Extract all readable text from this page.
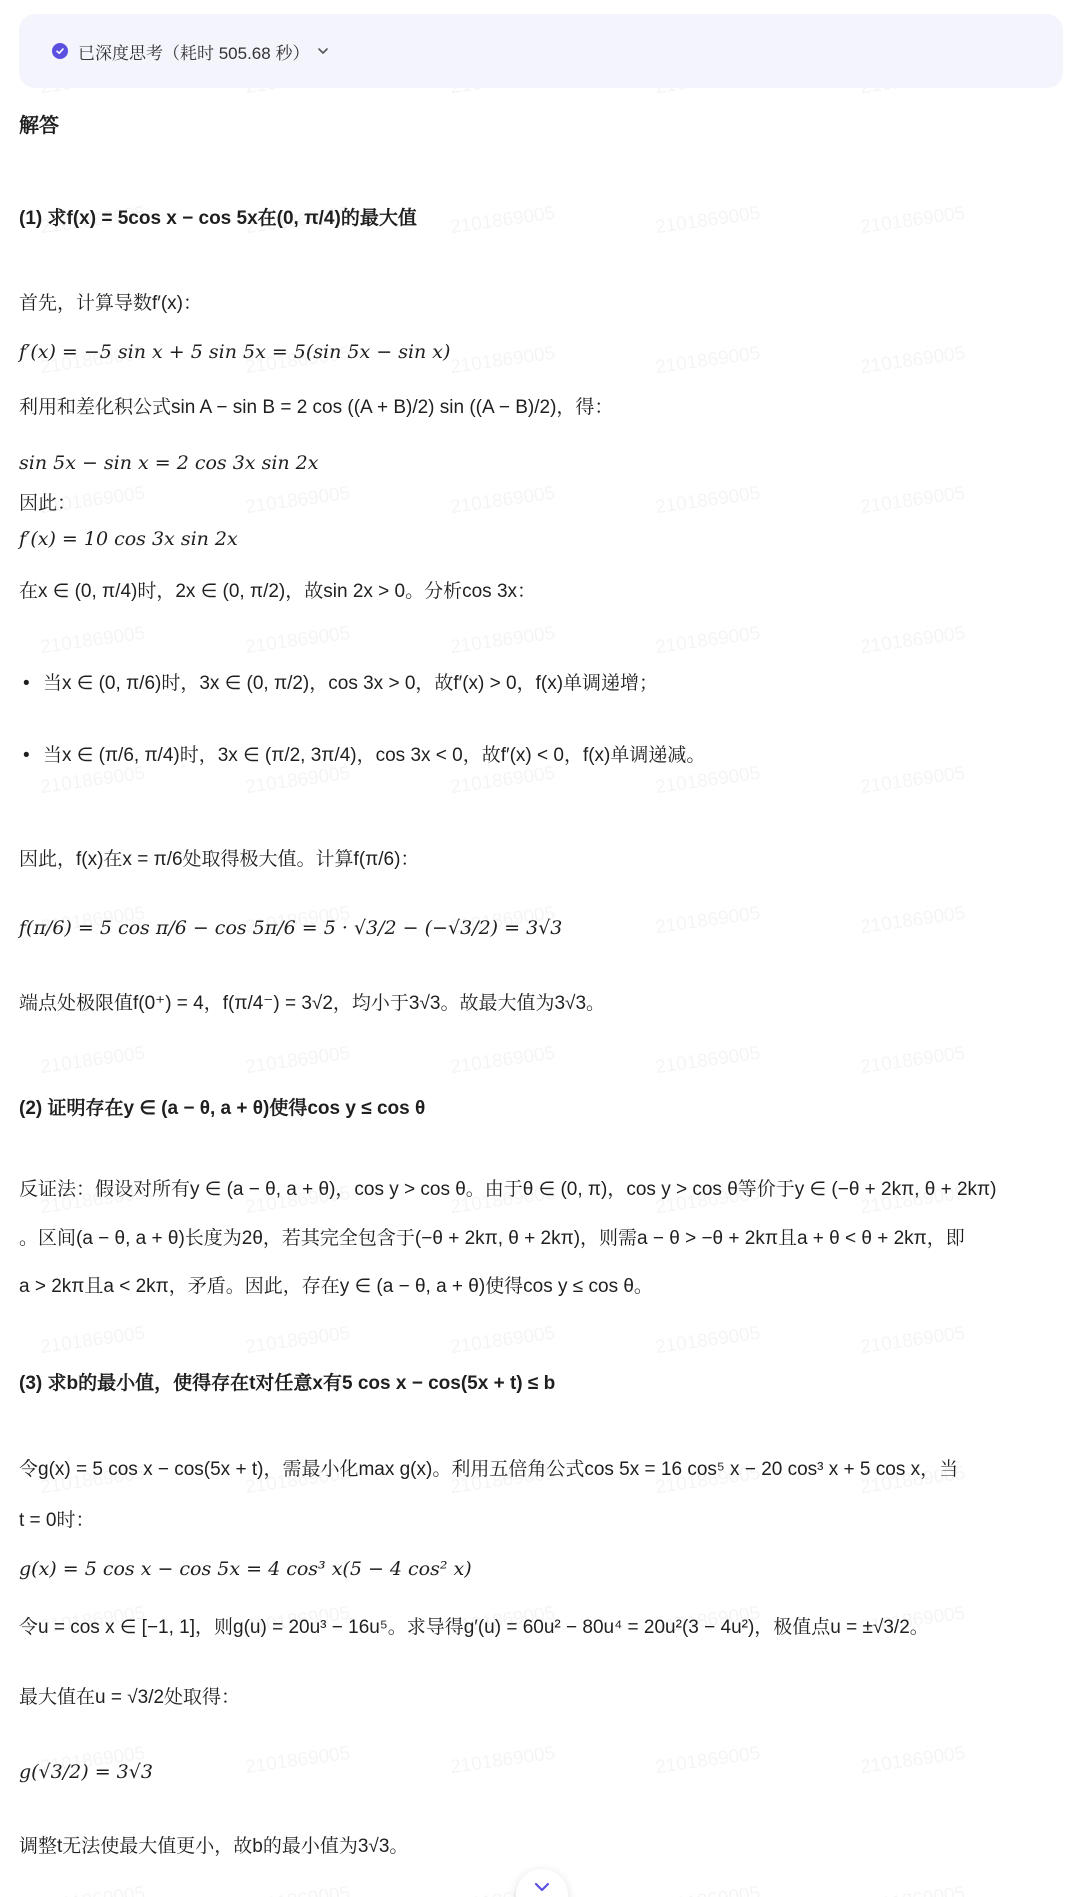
已深度思考（耗时 505.68 秒）
解答
(1) 求f(x) = 5cos x − cos 5x在(0, π/4)的最大值
首先，计算导数f′(x)：
f′(x) = −5 sin x + 5 sin 5x = 5(sin 5x − sin x)
利用和差化积公式sin A − sin B = 2 cos ((A + B)/2) sin ((A − B)/2)，得：
sin 5x − sin x = 2 cos 3x sin 2x
因此：
f′(x) = 10 cos 3x sin 2x
在x ∈ (0, π/4)时，2x ∈ (0, π/2)，故sin 2x > 0。分析cos 3x：
• 当x ∈ (0, π/6)时，3x ∈ (0, π/2)，cos 3x > 0，故f′(x) > 0，f(x)单调递增；
• 当x ∈ (π/6, π/4)时，3x ∈ (π/2, 3π/4)，cos 3x < 0，故f′(x) < 0，f(x)单调递减。
因此，f(x)在x = π/6处取得极大值。计算f(π/6)：
f(π/6) = 5 cos π/6 − cos 5π/6 = 5 · √3/2 − (−√3/2) = 3√3
端点处极限值f(0⁺) = 4，f(π/4⁻) = 3√2，均小于3√3。故最大值为3√3。
(2) 证明存在y ∈ (a − θ, a + θ)使得cos y ≤ cos θ
反证法：假设对所有y ∈ (a − θ, a + θ)，cos y > cos θ。由于θ ∈ (0, π)，cos y > cos θ等价于y ∈ (−θ + 2kπ, θ + 2kπ)
。区间(a − θ, a + θ)长度为2θ，若其完全包含于(−θ + 2kπ, θ + 2kπ)，则需a − θ > −θ + 2kπ且a + θ < θ + 2kπ，即
a > 2kπ且a < 2kπ，矛盾。因此，存在y ∈ (a − θ, a + θ)使得cos y ≤ cos θ。
(3) 求b的最小值，使得存在t对任意x有5 cos x − cos(5x + t) ≤ b
令g(x) = 5 cos x − cos(5x + t)，需最小化max g(x)。利用五倍角公式cos 5x = 16 cos⁵ x − 20 cos³ x + 5 cos x，当
t = 0时：
g(x) = 5 cos x − cos 5x = 4 cos³ x(5 − 4 cos² x)
令u = cos x ∈ [−1, 1]，则g(u) = 20u³ − 16u⁵。求导得g′(u) = 60u² − 80u⁴ = 20u²(3 − 4u²)，极值点u = ±√3/2。
最大值在u = √3/2处取得：
g(√3/2) = 3√3
调整t无法使最大值更小，故b的最小值为3√3。
